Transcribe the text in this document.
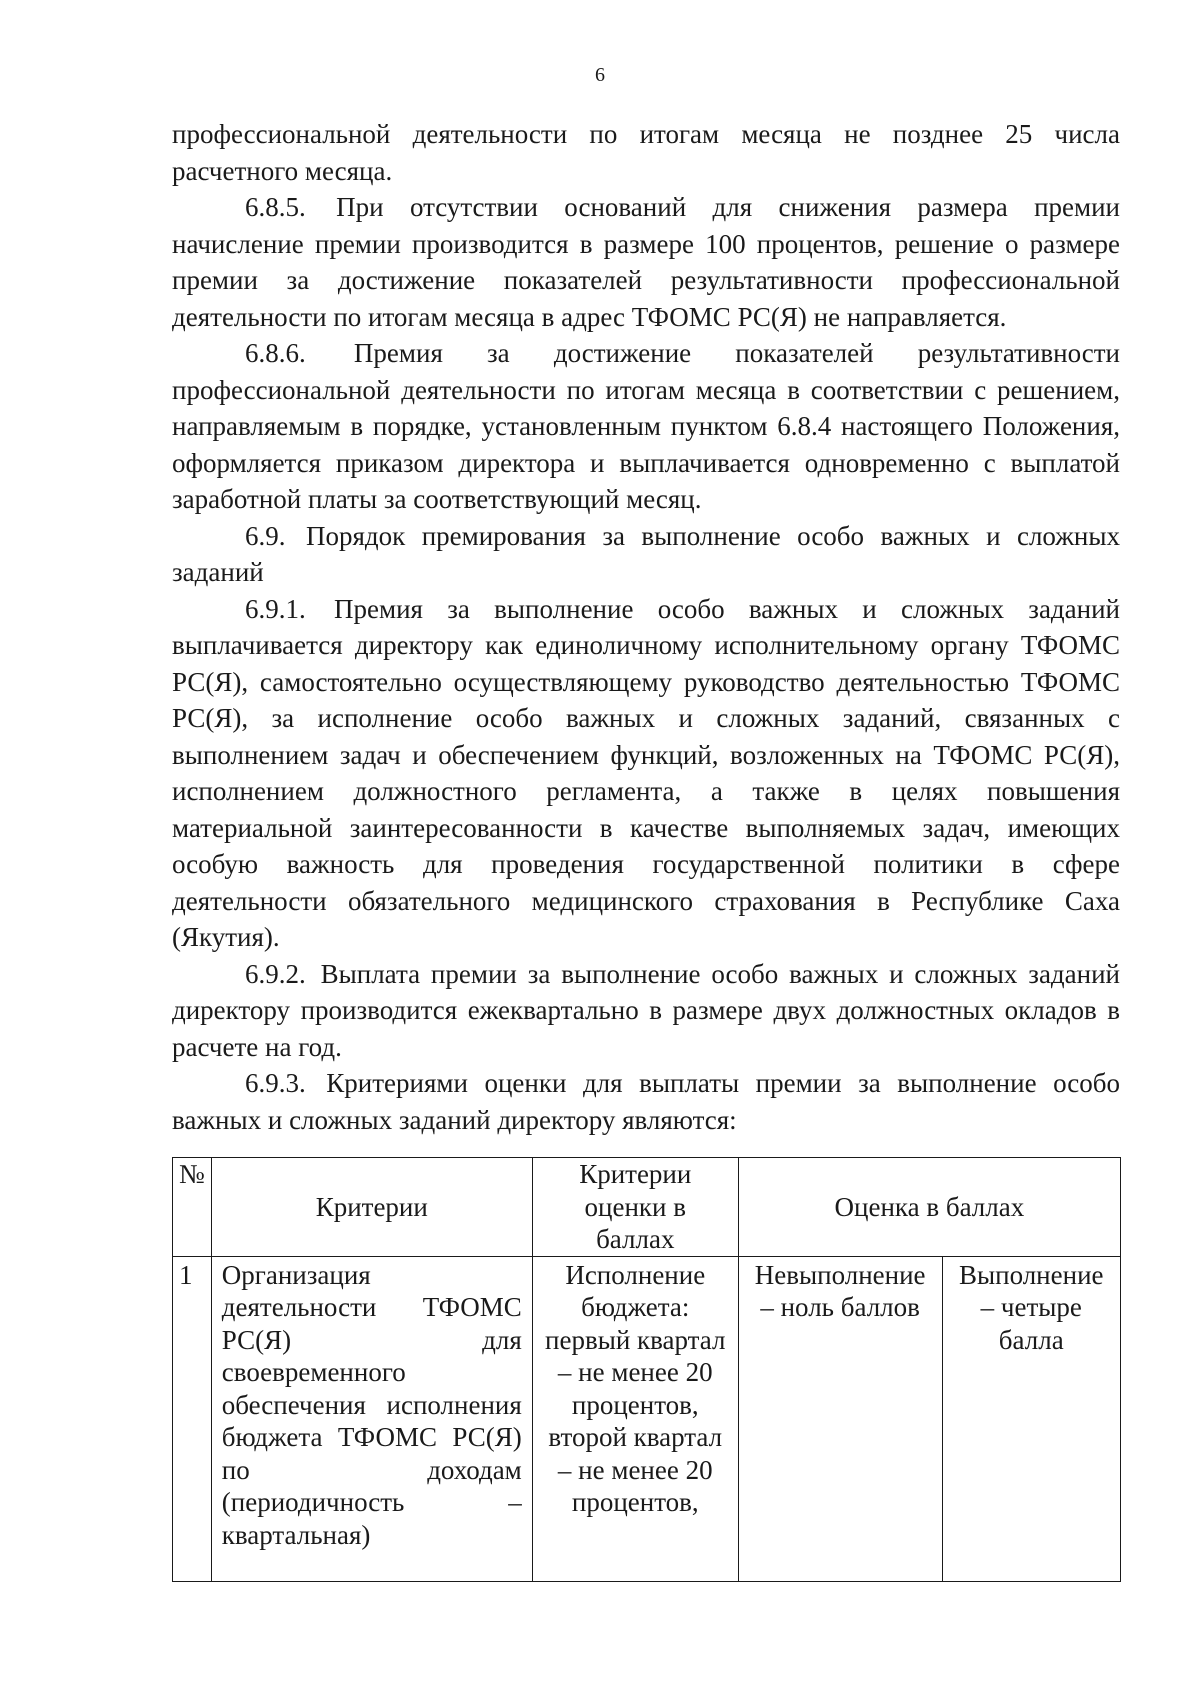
6

профессиональной деятельности по итогам месяца не позднее 25 числа расчетного месяца.

6.8.5. При отсутствии оснований для снижения размера премии начисление премии производится в размере 100 процентов, решение о размере премии за достижение показателей результативности профессиональной деятельности по итогам месяца в адрес ТФОМС РС(Я) не направляется.

6.8.6. Премия за достижение показателей результативности профессиональной деятельности по итогам месяца в соответствии с решением, направляемым в порядке, установленным пунктом 6.8.4 настоящего Положения, оформляется приказом директора и выплачивается одновременно с выплатой заработной платы за соответствующий месяц.

6.9. Порядок премирования за выполнение особо важных и сложных заданий

6.9.1. Премия за выполнение особо важных и сложных заданий выплачивается директору как единоличному исполнительному органу ТФОМС РС(Я), самостоятельно осуществляющему руководство деятельностью ТФОМС РС(Я), за исполнение особо важных и сложных заданий, связанных с выполнением задач и обеспечением функций, возложенных на ТФОМС РС(Я), исполнением должностного регламента, а также в целях повышения материальной заинтересованности в качестве выполняемых задач, имеющих особую важность для проведения государственной политики в сфере деятельности обязательного медицинского страхования в Республике Саха (Якутия).

6.9.2. Выплата премии за выполнение особо важных и сложных заданий директору производится ежеквартально в размере двух должностных окладов в расчете на год.

6.9.3. Критериями оценки для выплаты премии за выполнение особо важных и сложных заданий директору являются:

№	Критерии	Критерии оценки в баллах	Оценка в баллах	
1	Организация деятельности ТФОМС РС(Я) для своевременного обеспечения исполнения бюджета ТФОМС РС(Я) по доходам (периодичность – квартальная)	Исполнение бюджета: первый квартал – не менее 20 процентов, второй квартал – не менее 20 процентов,	Невыполнение – ноль баллов	Выполнение – четыре балла
